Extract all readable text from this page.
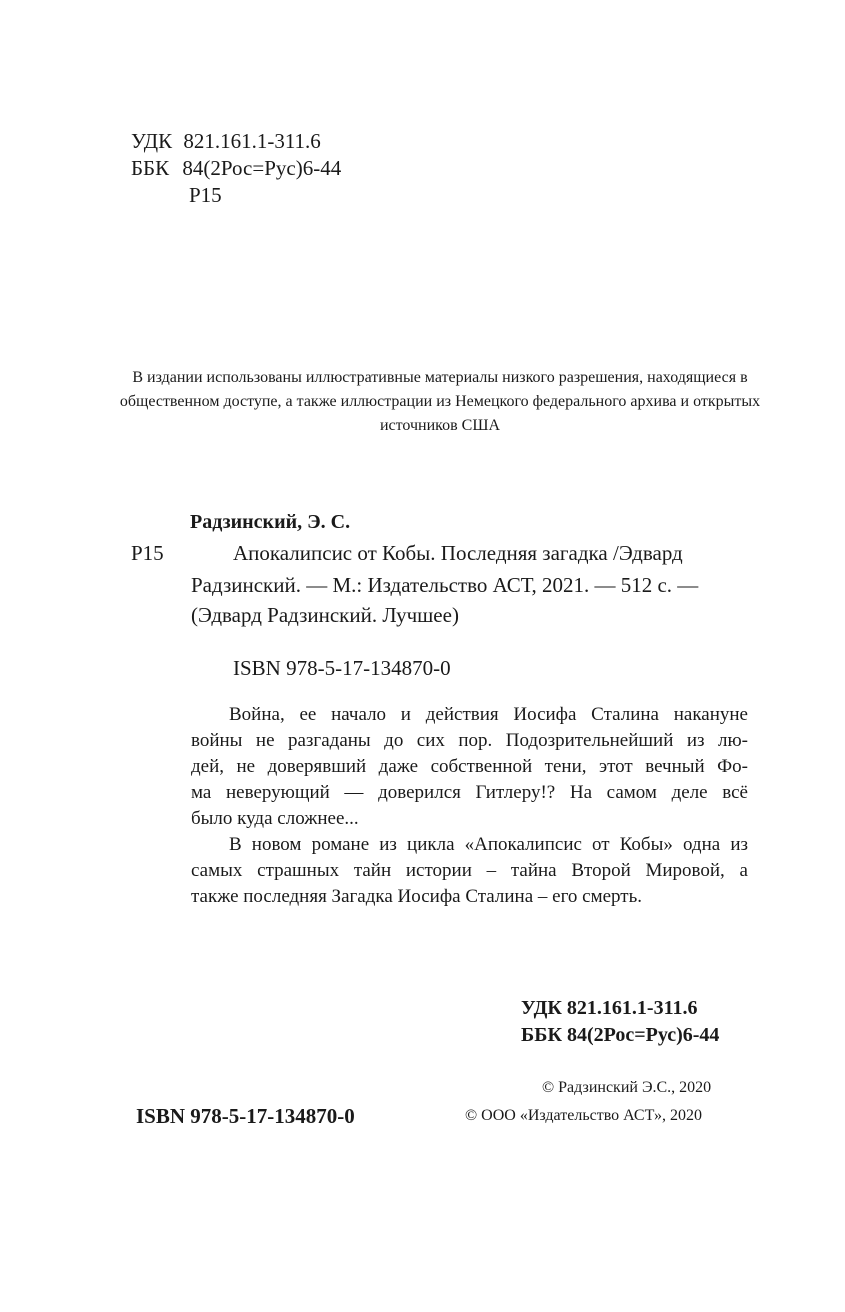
УДК 821.161.1-311.6
ББК 84(2Рос=Рус)6-44
Р15
В издании использованы иллюстративные материалы низкого разрешения, находящиеся в общественном доступе, а также иллюстрации из Немецкого федерального архива и открытых источников США
Радзинский, Э. С.
Р15	Апокалипсис от Кобы. Последняя загадка /Эдвард
Радзинский. — М.: Издательство АСТ, 2021. — 512 с. —
(Эдвард Радзинский. Лучшее)
ISBN 978-5-17-134870-0
Война, ее начало и действия Иосифа Сталина накануне
войны не разгаданы до сих пор. Подозрительнейший из лю-
дей, не доверявший даже собственной тени, этот вечный Фо-
ма неверующий — доверился Гитлеру!? На самом деле всё
было куда сложнее...
В новом романе из цикла «Апокалипсис от Кобы» одна из
самых страшных тайн истории – тайна Второй Мировой, а
также последняя Загадка Иосифа Сталина – его смерть.
УДК 821.161.1-311.6
ББК 84(2Рос=Рус)6-44
© Радзинский Э.С., 2020
© ООО «Издательство АСТ», 2020
ISBN 978-5-17-134870-0
